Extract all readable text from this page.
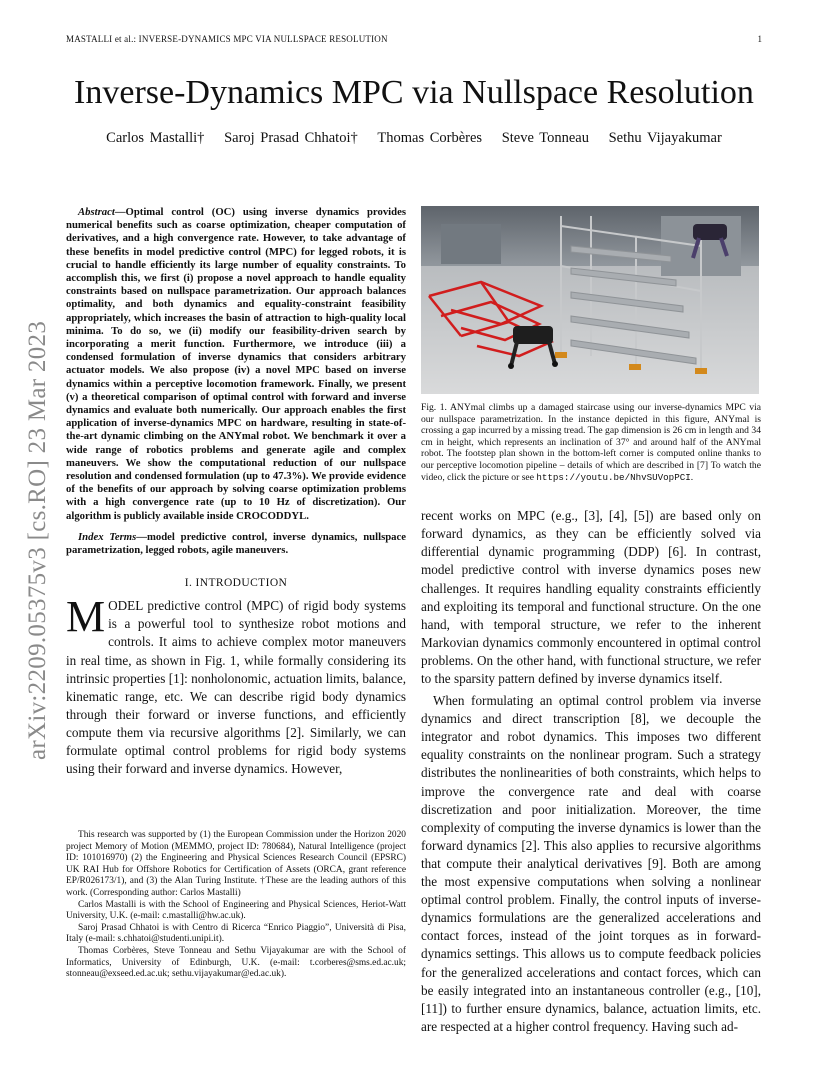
MASTALLI et al.: INVERSE-DYNAMICS MPC VIA NULLSPACE RESOLUTION	1
Inverse-Dynamics MPC via Nullspace Resolution
Carlos Mastalli† Saroj Prasad Chhatoi† Thomas Corbères Steve Tonneau Sethu Vijayakumar
arXiv:2209.05375v3 [cs.RO] 23 Mar 2023

Abstract—Optimal control (OC) using inverse dynamics provides numerical benefits such as coarse optimization, cheaper computation of derivatives, and a high convergence rate. However, to take advantage of these benefits in model predictive control (MPC) for legged robots, it is crucial to handle efficiently its large number of equality constraints. To accomplish this, we first (i) propose a novel approach to handle equality constraints based on nullspace parametrization. Our approach balances optimality, and both dynamics and equality-constraint feasibility appropriately, which increases the basin of attraction to high-quality local minima. To do so, we (ii) modify our feasibility-driven search by incorporating a merit function. Furthermore, we introduce (iii) a condensed formulation of inverse dynamics that considers arbitrary actuator models. We also propose (iv) a novel MPC based on inverse dynamics within a perceptive locomotion framework. Finally, we present (v) a theoretical comparison of optimal control with forward and inverse dynamics and evaluate both numerically. Our approach enables the first application of inverse-dynamics MPC on hardware, resulting in state-of-the-art dynamic climbing on the ANYmal robot. We benchmark it over a wide range of robotics problems and generate agile and complex maneuvers. We show the computational reduction of our nullspace resolution and condensed formulation (up to 47.3%). We provide evidence of the benefits of our approach by solving coarse optimization problems with a high convergence rate (up to 10 Hz of discretization). Our algorithm is publicly available inside CROCODDYL.

Index Terms—model predictive control, inverse dynamics, nullspace parametrization, legged robots, agile maneuvers.

I. INTRODUCTION

MODEL predictive control (MPC) of rigid body systems is a powerful tool to synthesize robot motions and controls. It aims to achieve complex motor maneuvers in real time, as shown in Fig. 1, while formally considering its intrinsic properties [1]: nonholonomic, actuation limits, balance, kinematic range, etc. We can describe rigid body dynamics through their forward or inverse functions, and efficiently compute them via recursive algorithms [2]. Similarly, we can formulate optimal control problems for rigid body systems using their forward and inverse dynamics. However,

This research was supported by (1) the European Commission under the Horizon 2020 project Memory of Motion (MEMMO, project ID: 780684), Natural Intelligence (project ID: 101016970) (2) the Engineering and Physical Sciences Research Council (EPSRC) UK RAI Hub for Offshore Robotics for Certification of Assets (ORCA, grant reference EP/R026173/1), and (3) the Alan Turing Institute. †These are the leading authors of this work. (Corresponding author: Carlos Mastalli)

Carlos Mastalli is with the School of Engineering and Physical Sciences, Heriot-Watt University, U.K. (e-mail: c.mastalli@hw.ac.uk).

Saroj Prasad Chhatoi is with Centro di Ricerca “Enrico Piaggio”, Università di Pisa, Italy (e-mail: s.chhatoi@studenti.unipi.it).

Thomas Corbères, Steve Tonneau and Sethu Vijayakumar are with the School of Informatics, University of Edinburgh, U.K. (e-mail: t.corberes@sms.ed.ac.uk; stonneau@exseed.ed.ac.uk; sethu.vijayakumar@ed.ac.uk).

Fig. 1. ANYmal climbs up a damaged staircase using our inverse-dynamics MPC via our nullspace parametrization. In the instance depicted in this figure, ANYmal is crossing a gap incurred by a missing tread. The gap dimension is 26 cm in length and 34 cm in height, which represents an inclination of 37° and around half of the ANYmal robot. The footstep plan shown in the bottom-left corner is computed online thanks to our perceptive locomotion pipeline – details of which are described in [7] To watch the video, click the picture or see https://youtu.be/NhvSUVopPCI.

recent works on MPC (e.g., [3], [4], [5]) are based only on forward dynamics, as they can be efficiently solved via differential dynamic programming (DDP) [6]. In contrast, model predictive control with inverse dynamics poses new challenges. It requires handling equality constraints efficiently and exploiting its temporal and functional structure. On the one hand, with temporal structure, we refer to the inherent Markovian dynamics commonly encountered in optimal control problems. On the other hand, with functional structure, we refer to the sparsity pattern defined by inverse dynamics itself.

When formulating an optimal control problem via inverse dynamics and direct transcription [8], we decouple the integrator and robot dynamics. This imposes two different equality constraints on the nonlinear program. Such a strategy distributes the nonlinearities of both constraints, which helps to improve the convergence rate and deal with coarse discretization and poor initialization. Moreover, the time complexity of computing the inverse dynamics is lower than the forward dynamics [2]. This also applies to recursive algorithms that compute their analytical derivatives [9]. Both are among the most expensive computations when solving a nonlinear optimal control problem. Finally, the control inputs of inverse-dynamics formulations are the generalized accelerations and contact forces, instead of the joint torques as in forward-dynamics settings. This allows us to compute feedback policies for the generalized accelerations and contact forces, which can be easily integrated into an instantaneous controller (e.g., [10], [11]) to further ensure dynamics, balance, actuation limits, etc. are respected at a higher control frequency. Having such ad-
